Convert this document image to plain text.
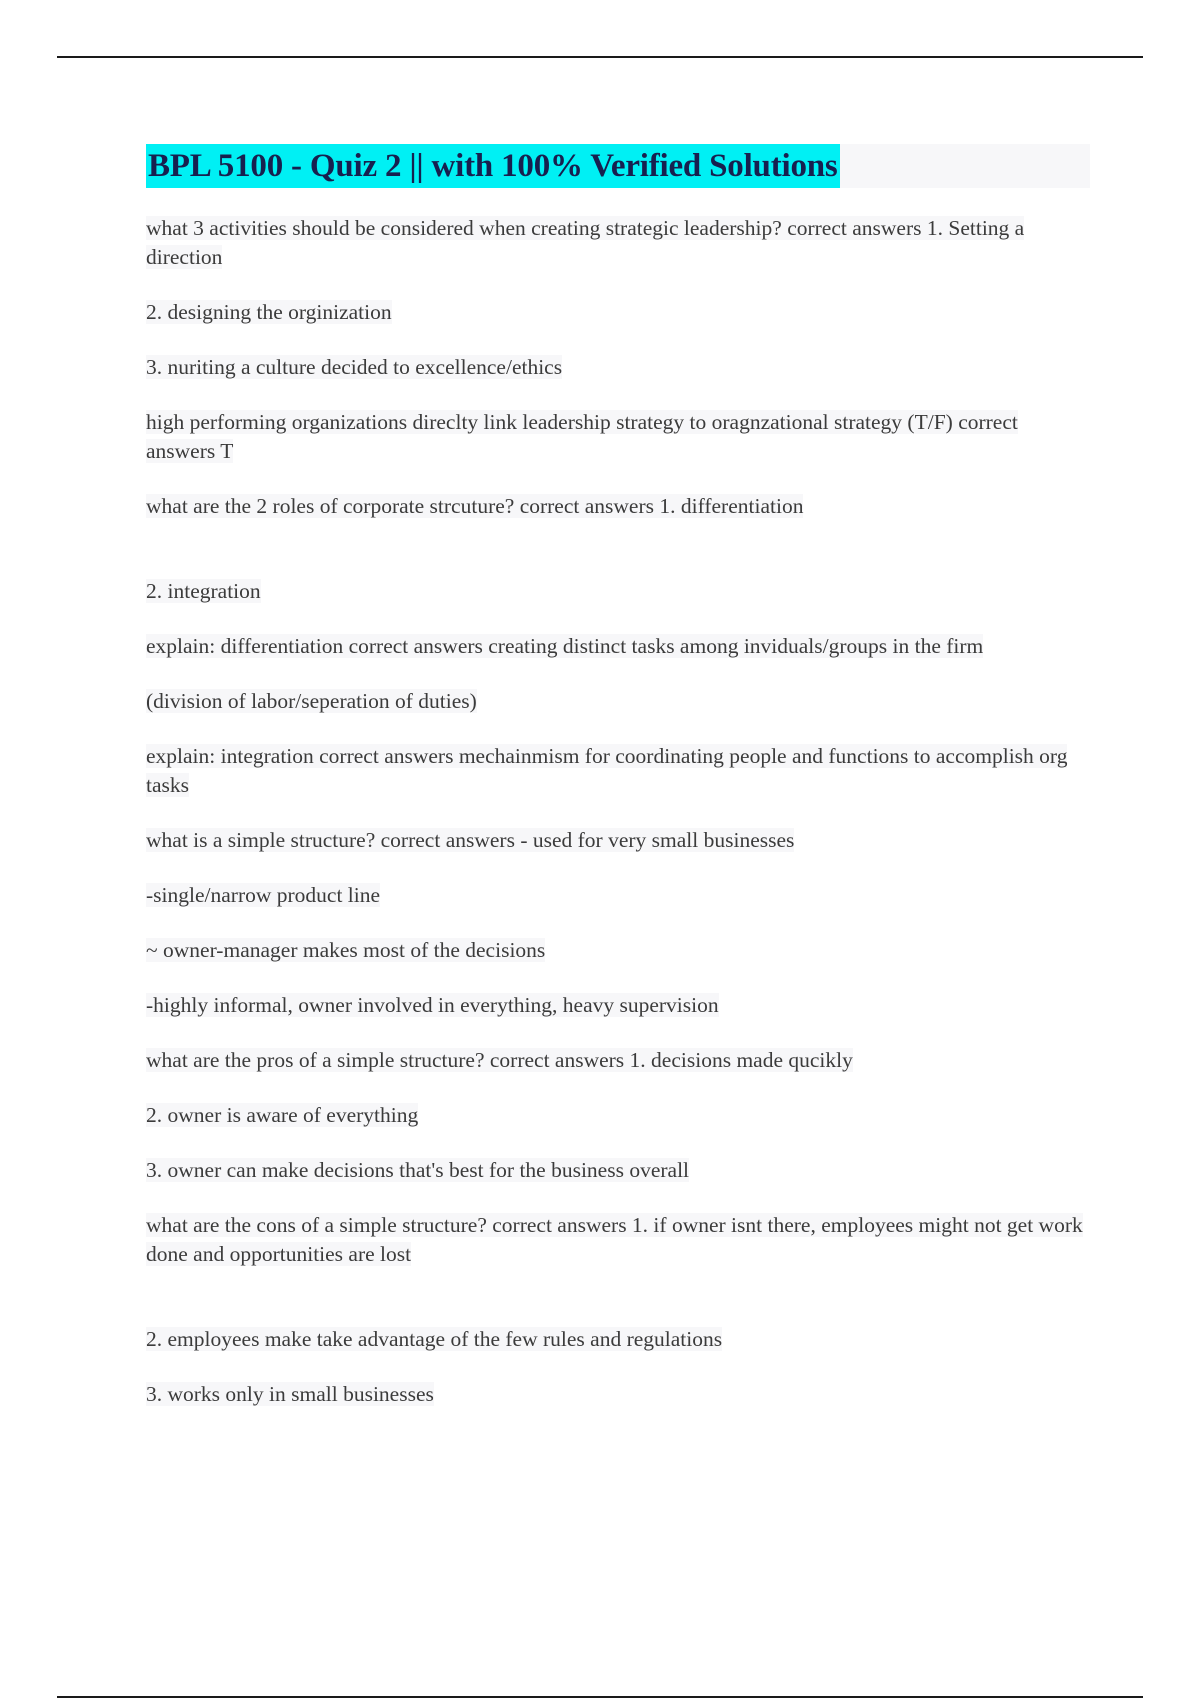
BPL 5100 - Quiz 2 || with 100% Verified Solutions

what 3 activities should be considered when creating strategic leadership? correct answers 1. Setting a direction

2. designing the orginization

3. nuriting a culture decided to excellence/ethics

high performing organizations direclty link leadership strategy to oragnzational strategy (T/F) correct answers T

what are the 2 roles of corporate strcuture? correct answers 1. differentiation

2. integration

explain: differentiation correct answers creating distinct tasks among inviduals/groups in the firm

(division of labor/seperation of duties)

explain: integration correct answers mechainmism for coordinating people and functions to accomplish org tasks

what is a simple structure? correct answers - used for very small businesses

-single/narrow product line

~ owner-manager makes most of the decisions

-highly informal, owner involved in everything, heavy supervision

what are the pros of a simple structure? correct answers 1. decisions made qucikly

2. owner is aware of everything

3. owner can make decisions that's best for the business overall

what are the cons of a simple structure? correct answers 1. if owner isnt there, employees might not get work done and opportunities are lost

2. employees make take advantage of the few rules and regulations

3. works only in small businesses
